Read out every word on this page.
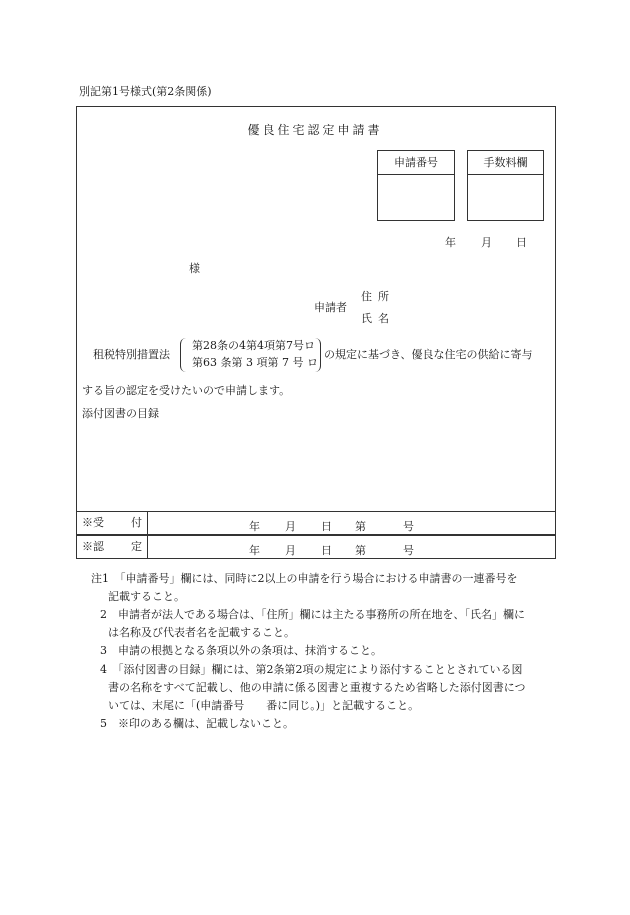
別記第1号様式(第2条関係)
優良住宅認定申請書
申請番号	手数料欄
年 月 日
様
申請者
住所
氏名
租税特別措置法
第28条の4第4項第7号ロ
第63 条第 3 項第 7 号 ロ
の規定に基づき、優良な住宅の供給に寄与
する旨の認定を受けたいので申請します。
添付図書の目録
※受 付	年 月 日 第	号
※認 定	年 月 日 第	号
注1　「申請番号」欄には、同時に2以上の申請を行う場合における申請書の一連番号を
記載すること。
2　申請者が法人である場合は、「住所」欄には主たる事務所の所在地を、「氏名」欄に
は名称及び代表者名を記載すること。
3　申請の根拠となる条項以外の条項は、抹消すること。
4　「添付図書の目録」欄には、第2条第2項の規定により添付することとされている図
書の名称をすべて記載し、他の申請に係る図書と重複するため省略した添付図書につ
いては、末尾に「(申請番号　　番に同じ。)」と記載すること。
5　※印のある欄は、記載しないこと。
